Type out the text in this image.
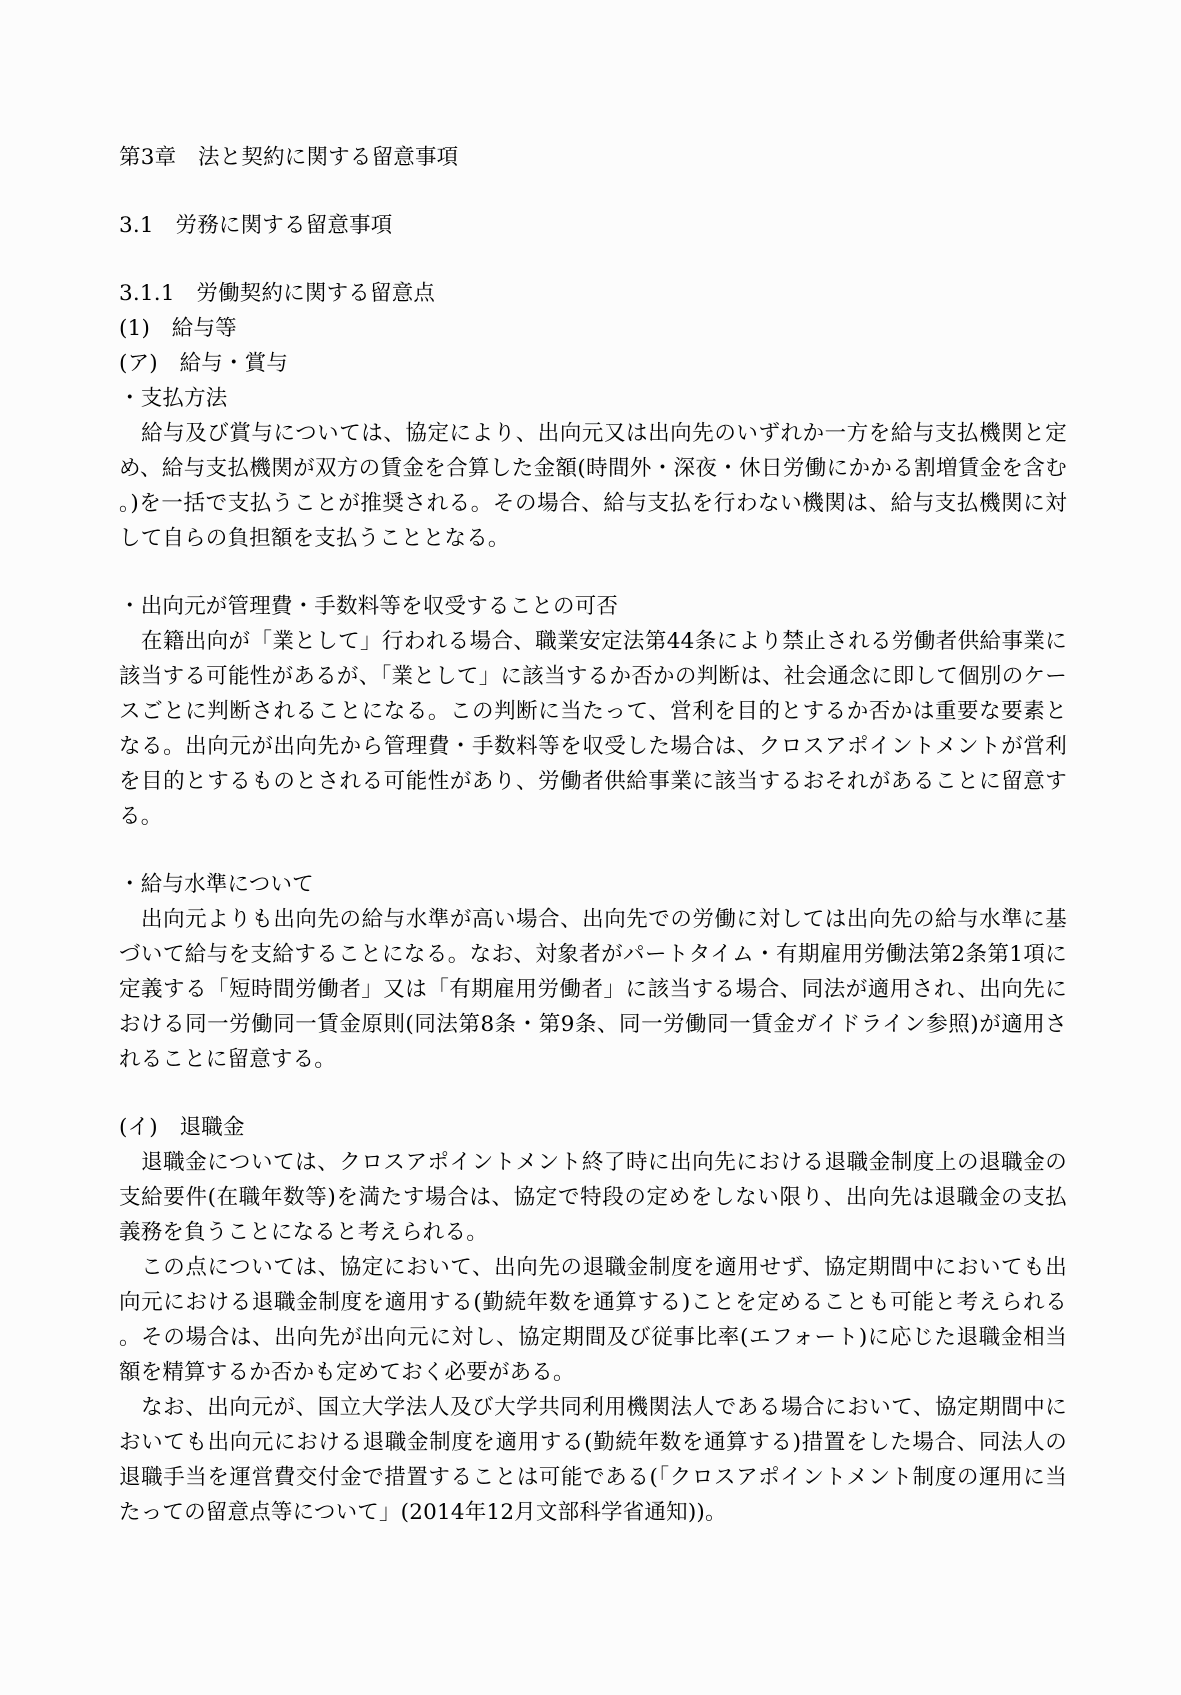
第3章　法と契約に関する留意事項
3.1　労務に関する留意事項
3.1.1　労働契約に関する留意点
(1)　給与等
(ア)　給与・賞与
・支払方法
　給与及び賞与については、協定により、出向元又は出向先のいずれか一方を給与支払機関と定め、給与支払機関が双方の賃金を合算した金額(時間外・深夜・休日労働にかかる割増賃金を含む。)を一括で支払うことが推奨される。その場合、給与支払を行わない機関は、給与支払機関に対して自らの負担額を支払うこととなる。
・出向元が管理費・手数料等を収受することの可否
　在籍出向が「業として」行われる場合、職業安定法第44条により禁止される労働者供給事業に該当する可能性があるが、「業として」に該当するか否かの判断は、社会通念に即して個別のケースごとに判断されることになる。この判断に当たって、営利を目的とするか否かは重要な要素となる。出向元が出向先から管理費・手数料等を収受した場合は、クロスアポイントメントが営利を目的とするものとされる可能性があり、労働者供給事業に該当するおそれがあることに留意する。
・給与水準について
　出向元よりも出向先の給与水準が高い場合、出向先での労働に対しては出向先の給与水準に基づいて給与を支給することになる。なお、対象者がパートタイム・有期雇用労働法第2条第1項に定義する「短時間労働者」又は「有期雇用労働者」に該当する場合、同法が適用され、出向先における同一労働同一賃金原則(同法第8条・第9条、同一労働同一賃金ガイドライン参照)が適用されることに留意する。
(イ)　退職金
　退職金については、クロスアポイントメント終了時に出向先における退職金制度上の退職金の支給要件(在職年数等)を満たす場合は、協定で特段の定めをしない限り、出向先は退職金の支払義務を負うことになると考えられる。
　この点については、協定において、出向先の退職金制度を適用せず、協定期間中においても出向元における退職金制度を適用する(勤続年数を通算する)ことを定めることも可能と考えられる。その場合は、出向先が出向元に対し、協定期間及び従事比率(エフォート)に応じた退職金相当額を精算するか否かも定めておく必要がある。
　なお、出向元が、国立大学法人及び大学共同利用機関法人である場合において、協定期間中においても出向元における退職金制度を適用する(勤続年数を通算する)措置をした場合、同法人の退職手当を運営費交付金で措置することは可能である(「クロスアポイントメント制度の運用に当たっての留意点等について」(2014年12月文部科学省通知))。
